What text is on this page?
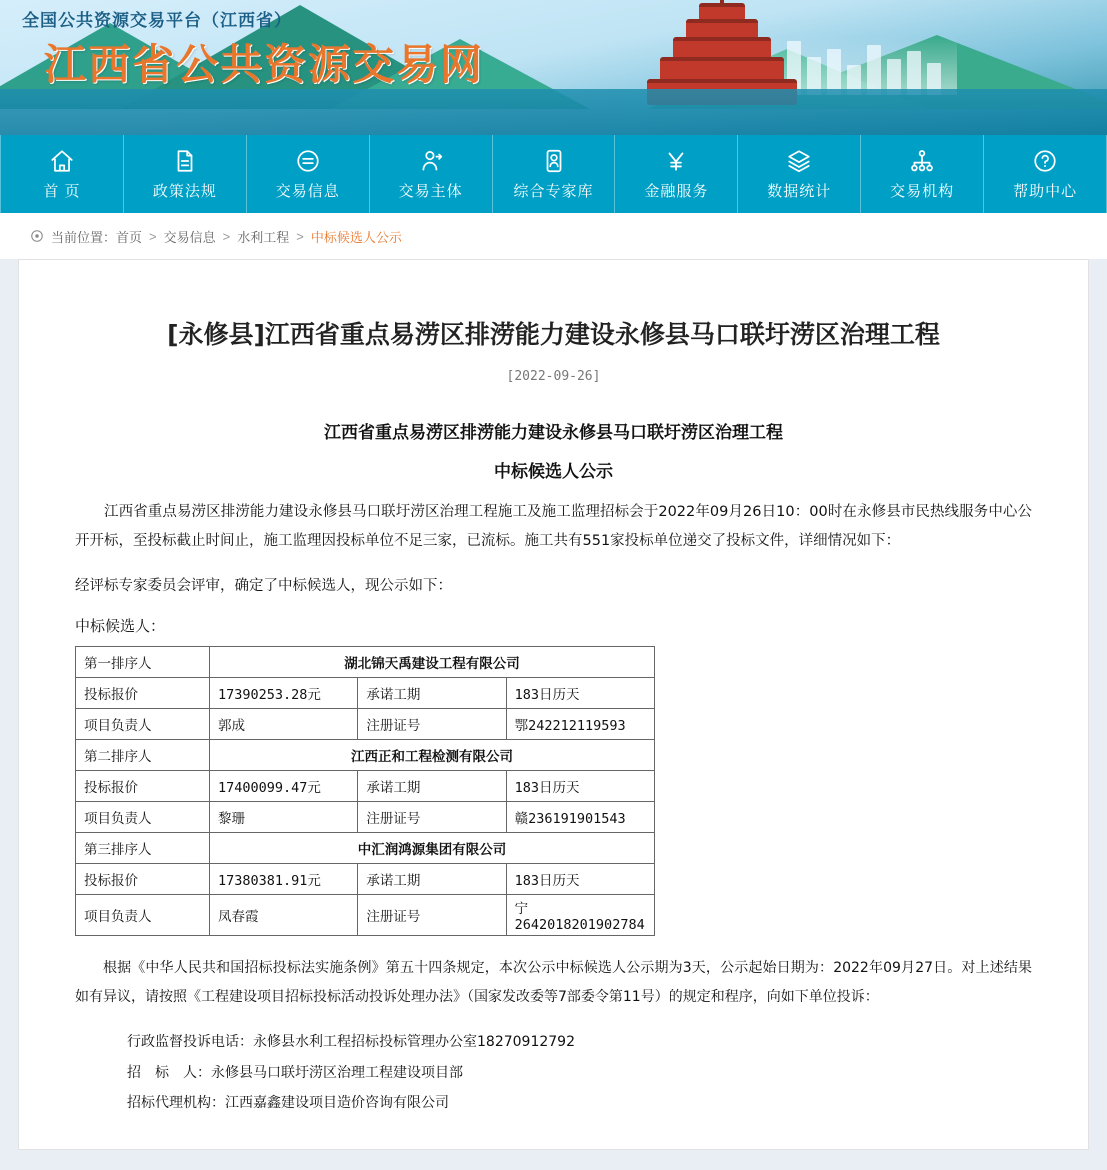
全国公共资源交易平台（江西省）
江西省公共资源交易网
首 页	政策法规	交易信息	交易主体	综合专家库	金融服务	数据统计	交易机构	帮助中心
当前位置： 首页 > 交易信息 > 水利工程 > 中标候选人公示
[永修县]江西省重点易涝区排涝能力建设永修县马口联圩涝区治理工程
[2022-09-26]
江西省重点易涝区排涝能力建设永修县马口联圩涝区治理工程
中标候选人公示

江西省重点易涝区排涝能力建设永修县马口联圩涝区治理工程施工及施工监理招标会于2022年09月26日10：00时在永修县市民热线服务中心公开开标，至投标截止时间止，施工监理因投标单位不足三家，已流标。施工共有551家投标单位递交了投标文件，详细情况如下：

经评标专家委员会评审，确定了中标候选人，现公示如下：

中标候选人：
第一排序人	湖北锦天禹建设工程有限公司		
投标报价	17390253.28元	承诺工期	183日历天
项目负责人	郭成	注册证号	鄂242212119593
第二排序人	江西正和工程检测有限公司		
投标报价	17400099.47元	承诺工期	183日历天
项目负责人	黎珊	注册证号	赣236191901543
第三排序人	中汇润鸿源集团有限公司		
投标报价	17380381.91元	承诺工期	183日历天
项目负责人	凤春霞	注册证号	宁2642018201902784

根据《中华人民共和国招标投标法实施条例》第五十四条规定，本次公示中标候选人公示期为3天，公示起始日期为：2022年09月27日。对上述结果如有异议，请按照《工程建设项目招标投标活动投诉处理办法》（国家发改委等7部委令第11号）的规定和程序，向如下单位投诉：

行政监督投诉电话：永修县水利工程招标投标管理办公室18270912792
招　标　人：永修县马口联圩涝区治理工程建设项目部
招标代理机构：江西嘉鑫建设项目造价咨询有限公司
